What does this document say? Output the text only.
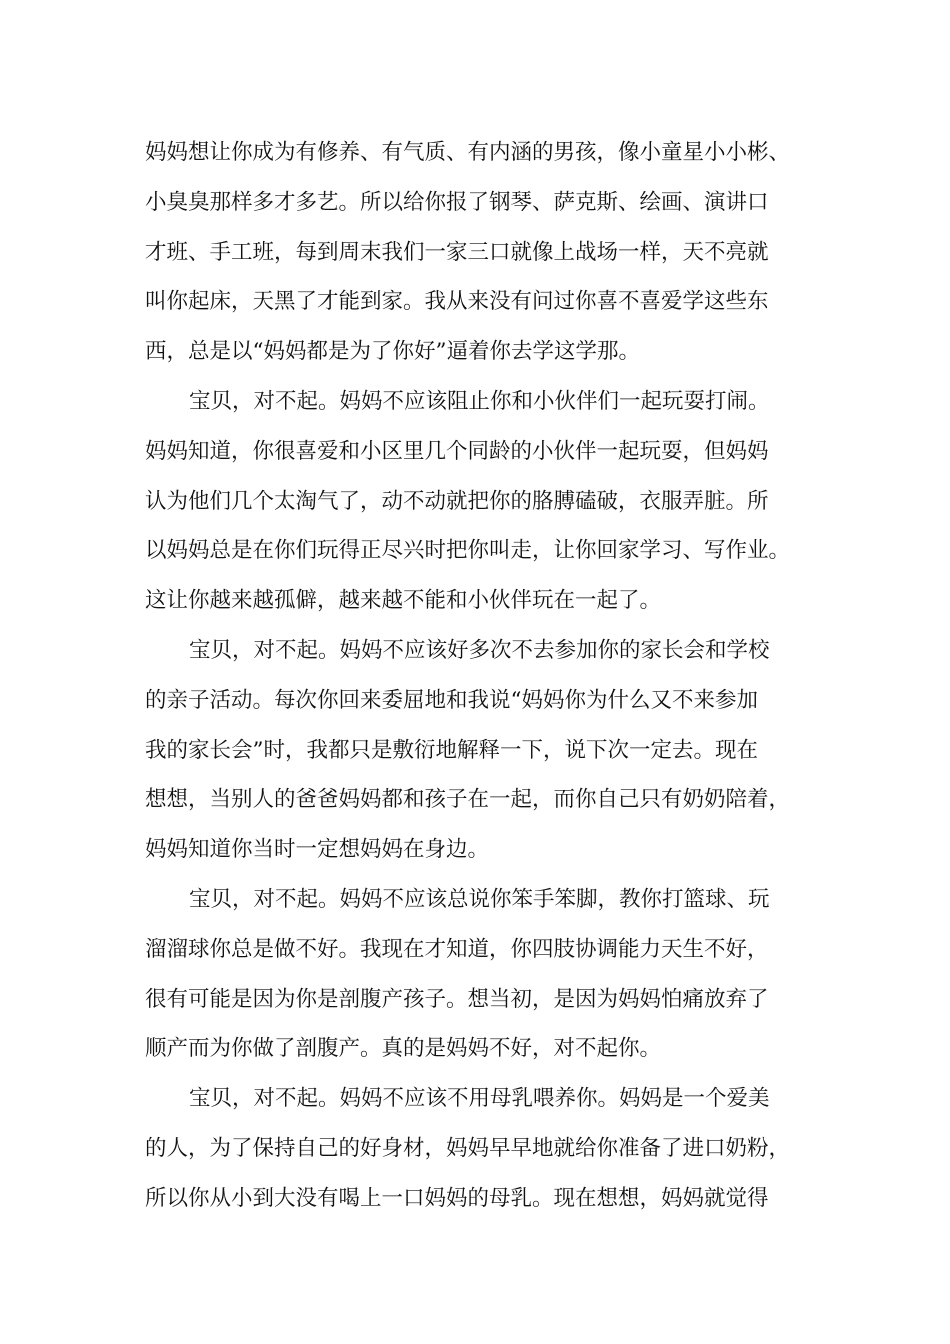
妈妈想让你成为有修养、有气质、有内涵的男孩，像小童星小小彬、
小臭臭那样多才多艺。所以给你报了钢琴、萨克斯、绘画、演讲口
才班、手工班，每到周末我们一家三口就像上战场一样，天不亮就
叫你起床，天黑了才能到家。我从来没有问过你喜不喜爱学这些东
西，总是以“妈妈都是为了你好”逼着你去学这学那。
宝贝，对不起。妈妈不应该阻止你和小伙伴们一起玩耍打闹。
妈妈知道，你很喜爱和小区里几个同龄的小伙伴一起玩耍，但妈妈
认为他们几个太淘气了，动不动就把你的胳膊磕破，衣服弄脏。所
以妈妈总是在你们玩得正尽兴时把你叫走，让你回家学习、写作业。
这让你越来越孤僻，越来越不能和小伙伴玩在一起了。
宝贝，对不起。妈妈不应该好多次不去参加你的家长会和学校
的亲子活动。每次你回来委屈地和我说“妈妈你为什么又不来参加
我的家长会”时，我都只是敷衍地解释一下，说下次一定去。现在
想想，当别人的爸爸妈妈都和孩子在一起，而你自己只有奶奶陪着，
妈妈知道你当时一定想妈妈在身边。
宝贝，对不起。妈妈不应该总说你笨手笨脚，教你打篮球、玩
溜溜球你总是做不好。我现在才知道，你四肢协调能力天生不好，
很有可能是因为你是剖腹产孩子。想当初，是因为妈妈怕痛放弃了
顺产而为你做了剖腹产。真的是妈妈不好，对不起你。
宝贝，对不起。妈妈不应该不用母乳喂养你。妈妈是一个爱美
的人，为了保持自己的好身材，妈妈早早地就给你准备了进口奶粉，
所以你从小到大没有喝上一口妈妈的母乳。现在想想，妈妈就觉得
